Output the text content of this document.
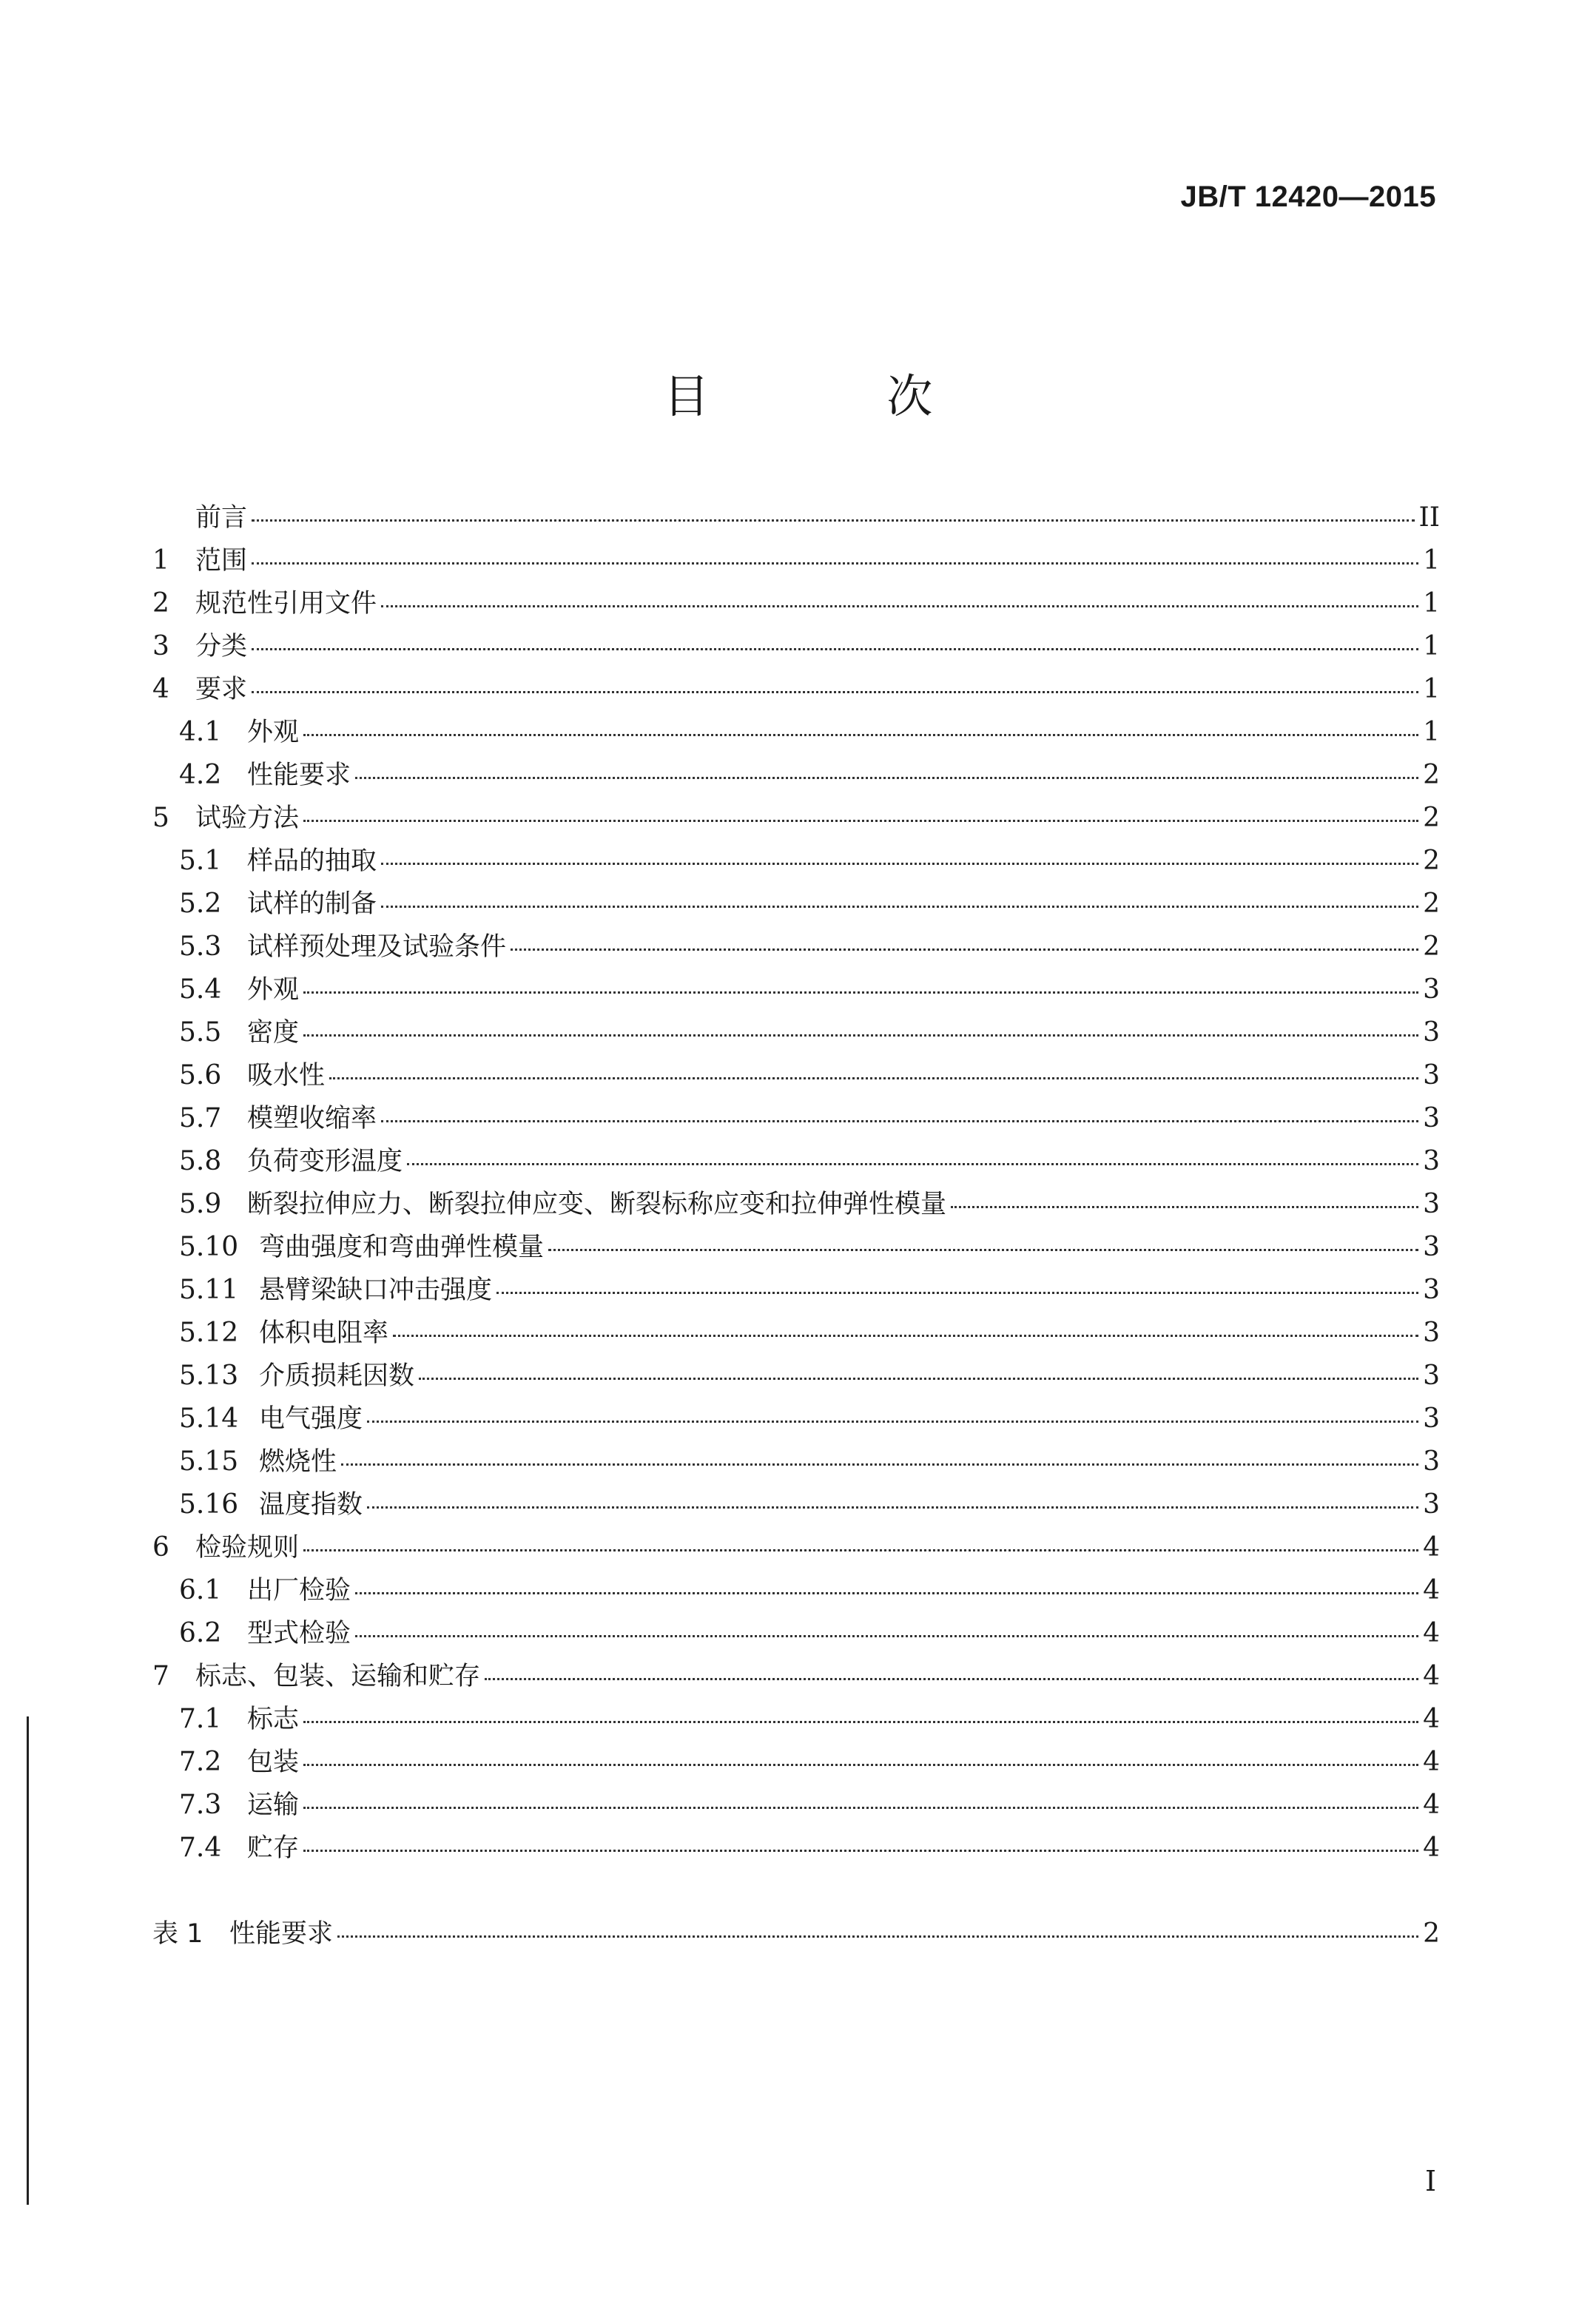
JB/T 12420—2015
目 次
前言	II
1	范围	1
2	规范性引用文件	1
3	分类	1
4	要求	1
4.1 外观	1
4.2 性能要求	2
5	试验方法	2
5.1 样品的抽取	2
5.2 试样的制备	2
5.3 试样预处理及试验条件	2
5.4 外观	3
5.5 密度	3
5.6 吸水性	3
5.7 模塑收缩率	3
5.8 负荷变形温度	3
5.9 断裂拉伸应力、断裂拉伸应变、断裂标称应变和拉伸弹性模量	3
5.10 弯曲强度和弯曲弹性模量	3
5.11 悬臂梁缺口冲击强度	3
5.12 体积电阻率	3
5.13 介质损耗因数	3
5.14 电气强度	3
5.15 燃烧性	3
5.16 温度指数	3
6	检验规则	4
6.1 出厂检验	4
6.2 型式检验	4
7	标志、包装、运输和贮存	4
7.1 标志	4
7.2 包装	4
7.3 运输	4
7.4 贮存	4
表 1	性能要求	2
I
